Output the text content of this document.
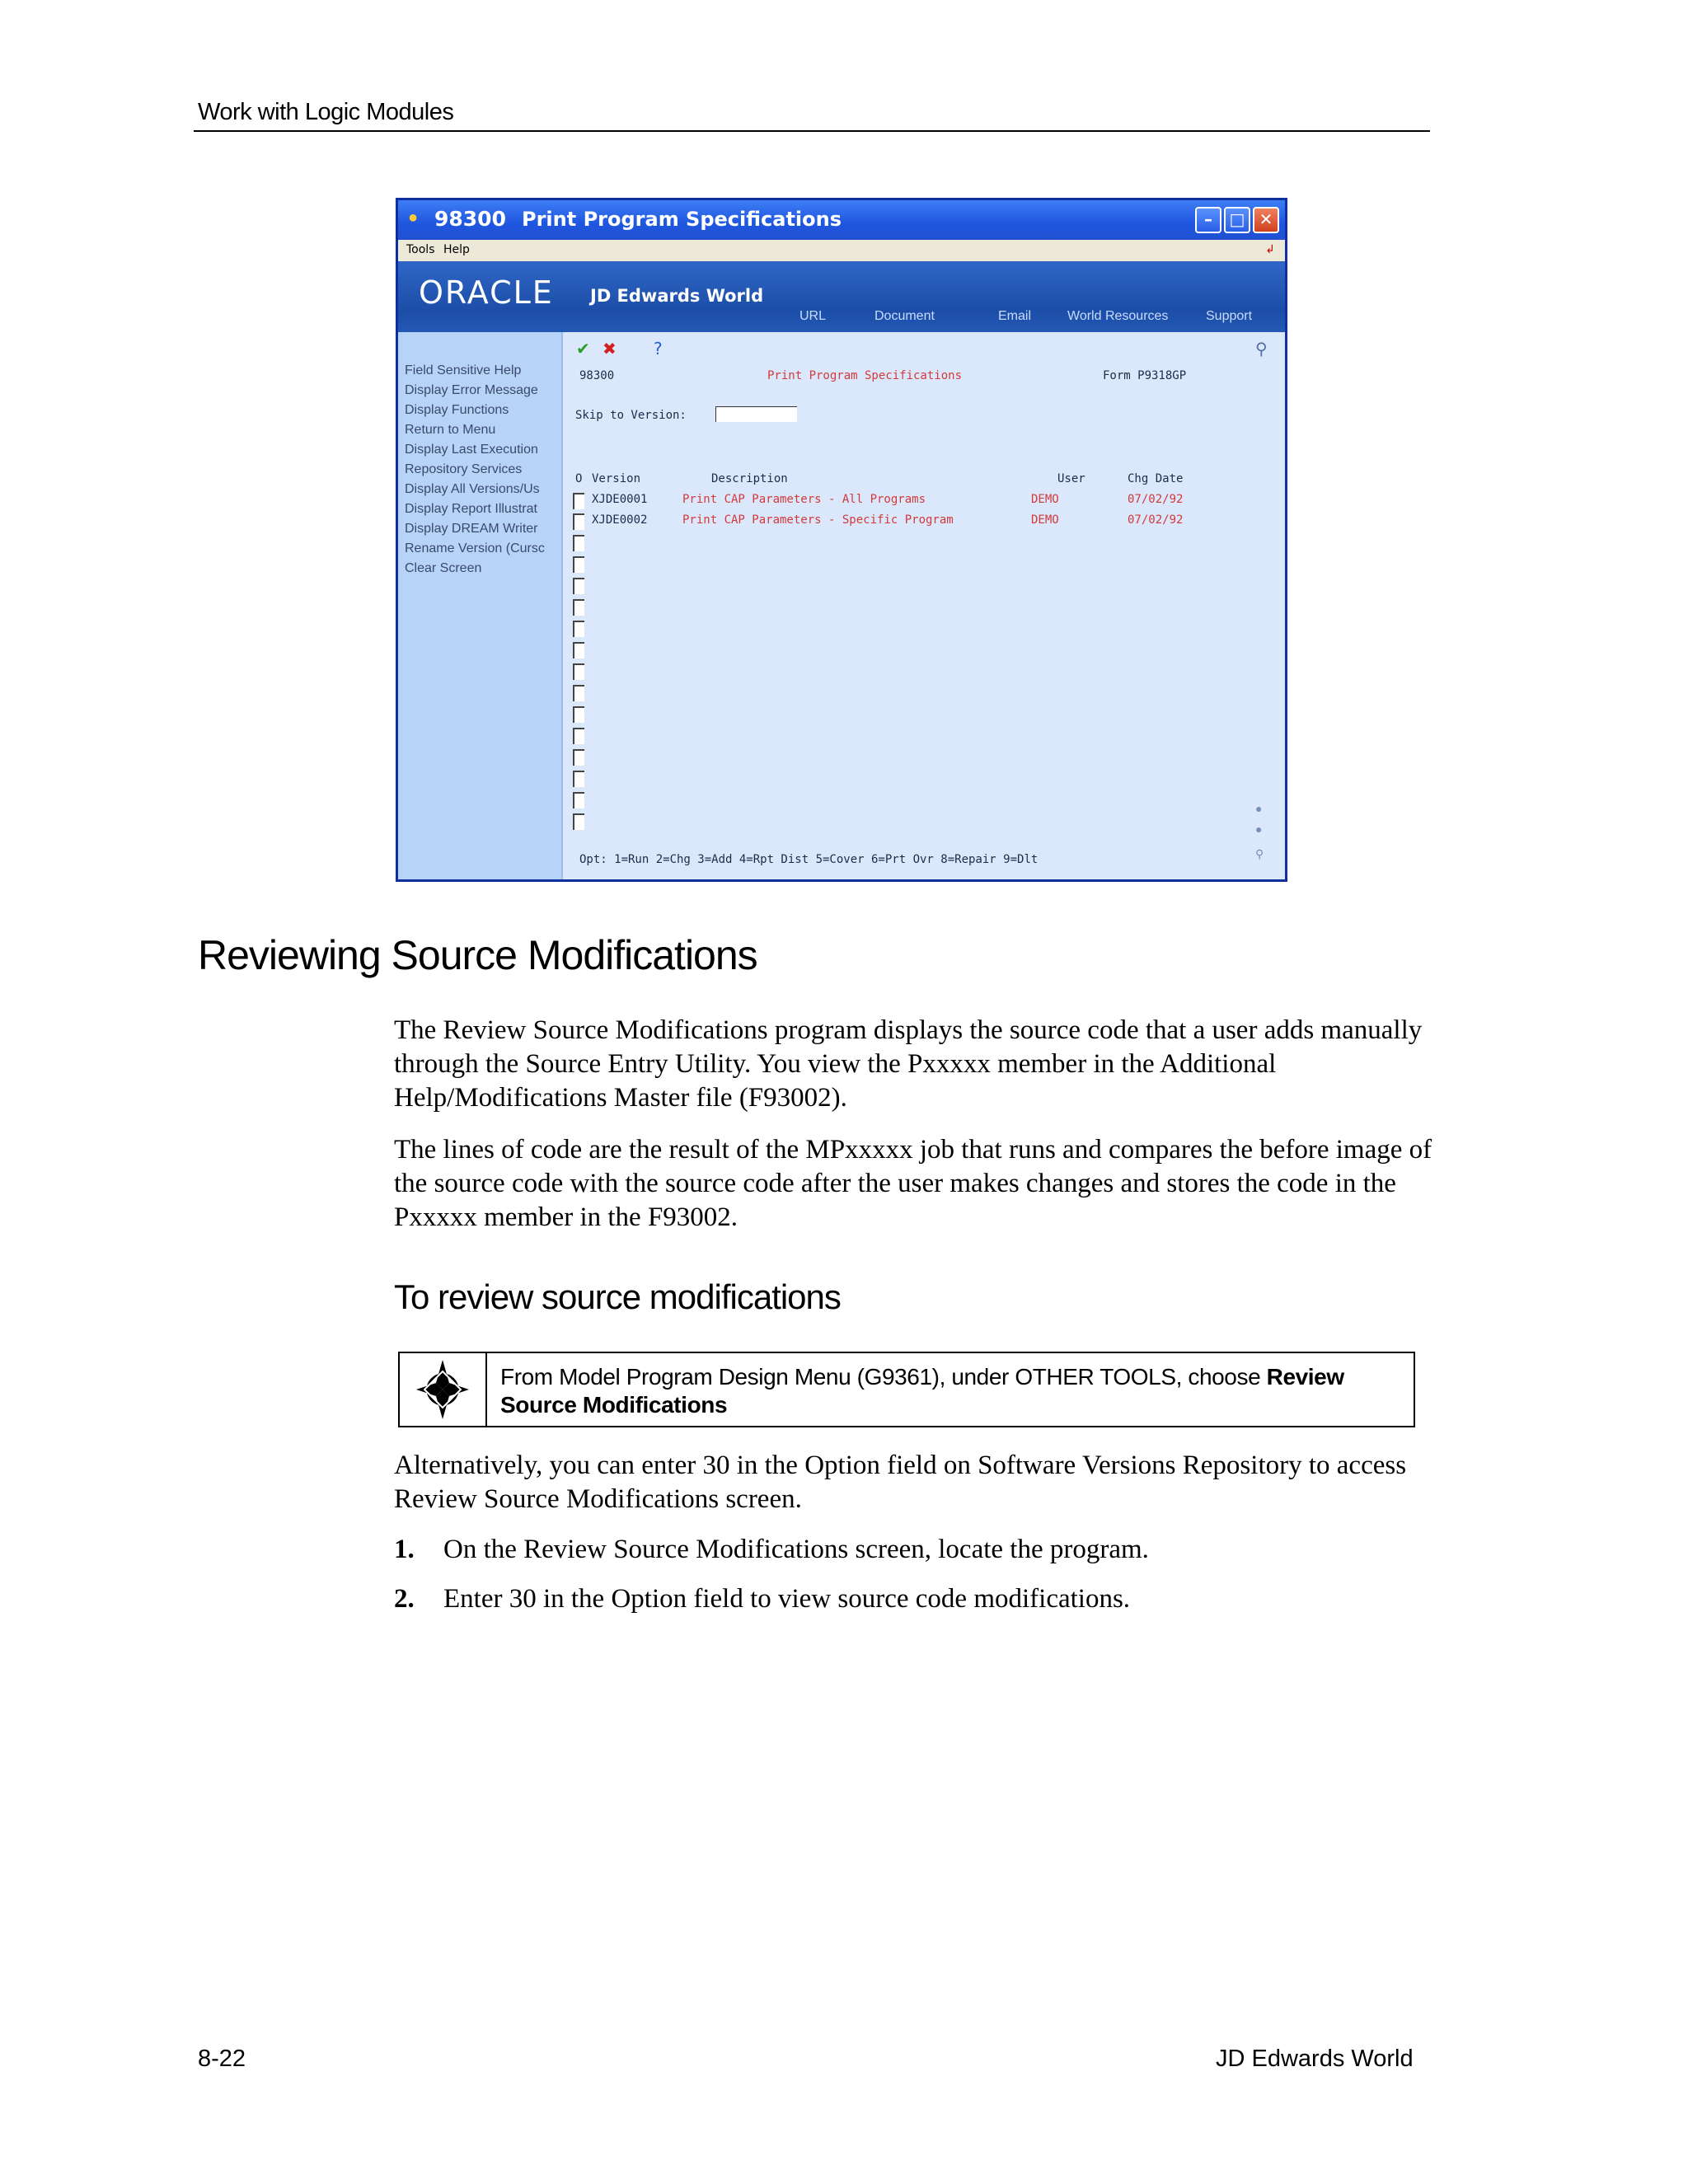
Work with Logic Modules
● 98300 Print Program Specifications	–	□ ✕
Tools Help	↲
ORACLE JD Edwards World
URL	Document	Email	World Resources	Support
Field Sensitive Help
Display Error Message
Display Functions
Return to Menu
Display Last Execution
Repository Services
Display All Versions/Us
Display Report Illustrat
Display DREAM Writer
Rename Version (Cursc
Clear Screen
✔ ✖ ?	⚲
98300	Print Program Specifications	Form P9318GP
Skip to Version:
O Version	Description	User	Chg Date
XJDE0001	Print CAP Parameters - All Programs	DEMO	07/02/92
XJDE0002	Print CAP Parameters - Specific Program	DEMO	07/02/92
Opt: 1=Run 2=Chg 3=Add 4=Rpt Dist 5=Cover 6=Prt Ovr 8=Repair 9=Dlt
●
●
⚲
Reviewing Source Modifications
The Review Source Modifications program displays the source code that a user adds manually through the Source Entry Utility. You view the Pxxxxx member in the Additional Help/Modifications Master file (F93002).
The lines of code are the result of the MPxxxxx job that runs and compares the before image of the source code with the source code after the user makes changes and stores the code in the Pxxxxx member in the F93002.
To review source modifications
From Model Program Design Menu (G9361), under OTHER TOOLS, choose Review Source Modifications
Alternatively, you can enter 30 in the Option field on Software Versions Repository to access Review Source Modifications screen.
1. On the Review Source Modifications screen, locate the program.
2. Enter 30 in the Option field to view source code modifications.
8-22	JD Edwards World
